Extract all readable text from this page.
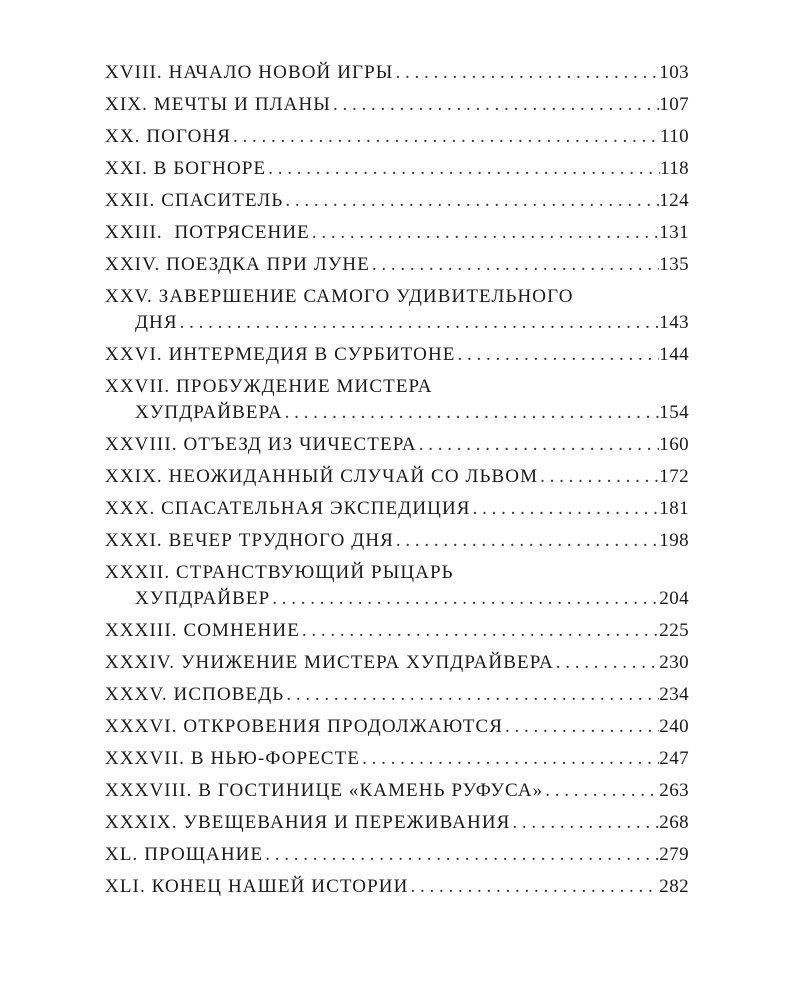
XVIII. НАЧАЛО НОВОЙ ИГРЫ . . .	103
XIX. МЕЧТЫ И ПЛАНЫ . . .	107
XX. ПОГОНЯ . . .	110
XXI. В БОГНОРЕ . . .	118
XXII. СПАСИТЕЛЬ . . .	124
XXIII.  ПОТРЯСЕНИЕ . . .	131
XXIV. ПОЕЗДКА ПРИ ЛУНЕ . . .	135
XXV. ЗАВЕРШЕНИЕ САМОГО УДИВИТЕЛЬНОГО
ДНЯ . . .	143
XXVI. ИНТЕРМЕДИЯ В СУРБИТОНЕ . . .	144
XXVII. ПРОБУЖДЕНИЕ МИСТЕРА
ХУПДРАЙВЕРА . . .	154
XXVIII. ОТЪЕЗД ИЗ ЧИЧЕСТЕРА . . .	160
XXIX. НЕОЖИДАННЫЙ СЛУЧАЙ СО ЛЬВОМ . . .	172
XXX. СПАСАТЕЛЬНАЯ ЭКСПЕДИЦИЯ . . .	181
XXXI. ВЕЧЕР ТРУДНОГО ДНЯ . . .	198
XXXII. СТРАНСТВУЮЩИЙ РЫЦАРЬ
ХУПДРАЙВЕР . . .	204
XXXIII. СОМНЕНИЕ . . .	225
XXXIV. УНИЖЕНИЕ МИСТЕРА ХУПДРАЙВЕРА . . .	230
XXXV. ИСПОВЕДЬ . . .	234
XXXVI. ОТКРОВЕНИЯ ПРОДОЛЖАЮТСЯ . . .	240
XXXVII. В НЬЮ-ФОРЕСТЕ . . .	247
XXXVIII. В ГОСТИНИЦЕ «КАМЕНЬ РУФУСА» . . .	263
XXXIX. УВЕЩЕВАНИЯ И ПЕРЕЖИВАНИЯ . . .	268
XL. ПРОЩАНИЕ . . .	279
XLI. КОНЕЦ НАШЕЙ ИСТОРИИ . . .	282
